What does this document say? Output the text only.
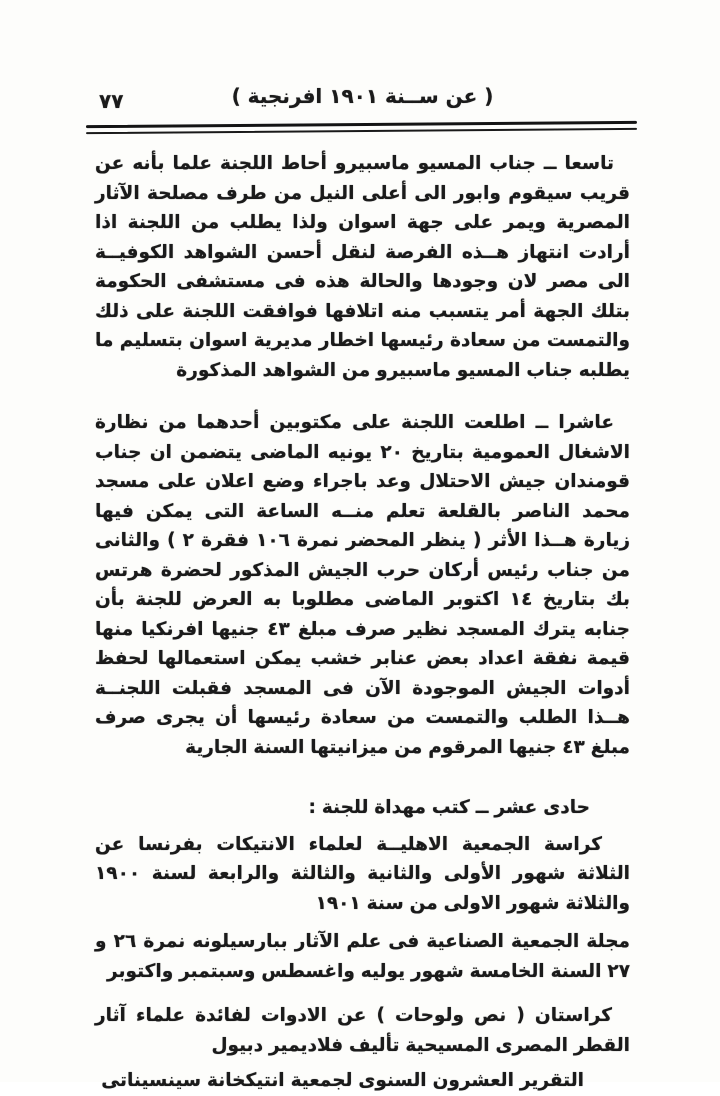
٧٧	( عن ســنة ١٩٠١ افرنجية )

تاسعا ــ جناب المسيو ماسبيرو أحاط اللجنة علما بأنه عن قريب سيقوم وابور الى أعلى النيل من طرف مصلحة الآثار المصرية ويمر على جهة اسوان ولذا يطلب من اللجنة اذا أرادت انتهاز هــذه الفرصة لنقل أحسن الشواهد الكوفيــة الى مصر لان وجودها والحالة هذه فى مستشفى الحكومة بتلك الجهة أمر يتسبب منه اتلافها فوافقت اللجنة على ذلك والتمست من سعادة رئيسها اخطار مديرية اسوان بتسليم ما يطلبه جناب المسيو ماسبيرو من الشواهد المذكورة

عاشرا ــ اطلعت اللجنة على مكتوبين أحدهما من نظارة الاشغال العمومية بتاريخ ٢٠ يونيه الماضى يتضمن ان جناب قومندان جيش الاحتلال وعد باجراء وضع اعلان على مسجد محمد الناصر بالقلعة تعلم منــه الساعة التى يمكن فيها زيارة هــذا الأثر ( ينظر المحضر نمرة ١٠٦ فقرة ٢ ) والثانى من جناب رئيس أركان حرب الجيش المذكور لحضرة هرتس بك بتاريخ ١٤ اكتوبر الماضى مطلوبا به العرض للجنة بأن جنابه يترك المسجد نظير صرف مبلغ ٤٣ جنيها افرنكيا منها قيمة نفقة اعداد بعض عنابر خشب يمكن استعمالها لحفظ أدوات الجيش الموجودة الآن فى المسجد فقبلت اللجنــة هــذا الطلب والتمست من سعادة رئيسها أن يجرى صرف مبلغ ٤٣ جنيها المرقوم من ميزانيتها السنة الجارية

حادى عشر ــ كتب مهداة للجنة :

كراسة الجمعية الاهليــة لعلماء الانتيكات بفرنسا عن الثلاثة شهور الأولى والثانية والثالثة والرابعة لسنة ١٩٠٠ والثلاثة شهور الاولى من سنة ١٩٠١

مجلة الجمعية الصناعية فى علم الآثار ببارسيلونه نمرة ٢٦ و ٢٧ السنة الخامسة شهور يوليه واغسطس وسبتمبر واكتوبر

كراستان ( نص ولوحات ) عن الادوات لفائدة علماء آثار القطر المصرى المسيحية تأليف فلاديمير دبيول

التقرير العشرون السنوى لجمعية انتيكخانة سينسيناتى
